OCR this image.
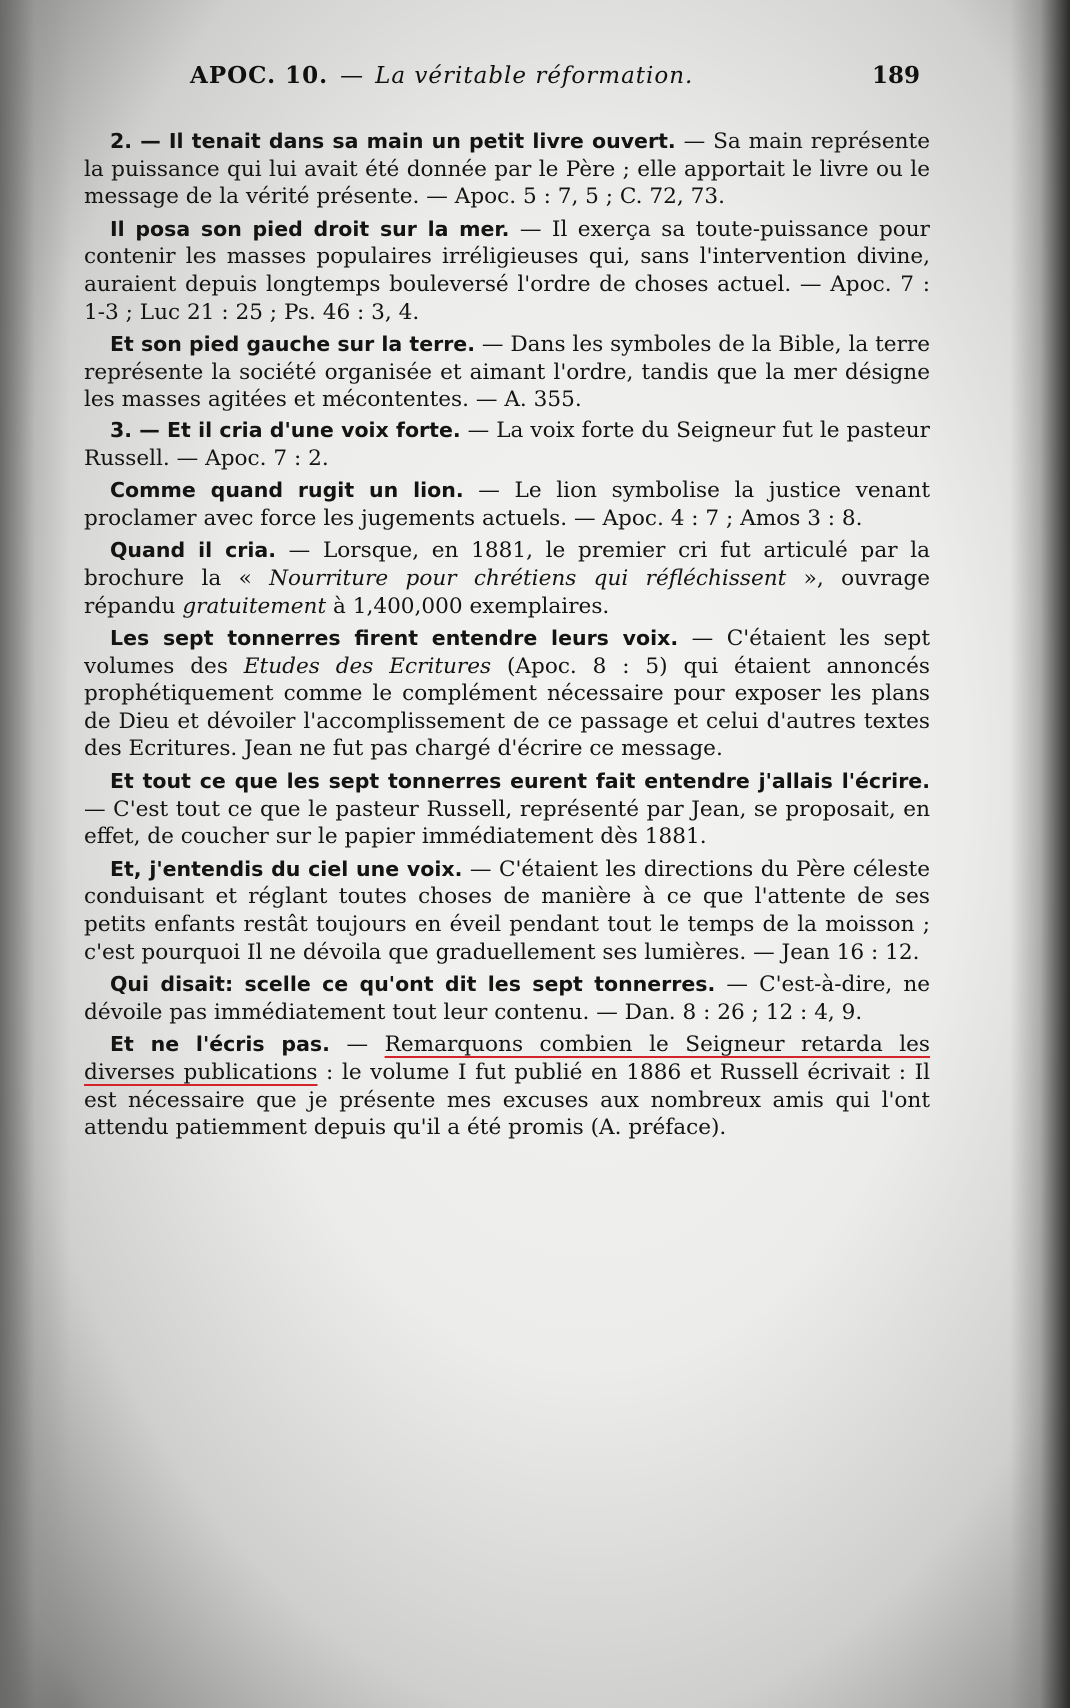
APOC. 10. — La véritable réformation.	189

2. — Il tenait dans sa main un petit livre ouvert. — Sa main représente la puissance qui lui avait été donnée par le Père ; elle apportait le livre ou le message de la vérité présente. — Apoc. 5 : 7, 5 ; C. 72, 73.

Il posa son pied droit sur la mer. — Il exerça sa toute-puissance pour contenir les masses populaires irréligieuses qui, sans l'intervention divine, auraient depuis longtemps bouleversé l'ordre de choses actuel. — Apoc. 7 : 1-3 ; Luc 21 : 25 ; Ps. 46 : 3, 4.

Et son pied gauche sur la terre. — Dans les symboles de la Bible, la terre représente la société organisée et aimant l'ordre, tandis que la mer désigne les masses agitées et mécontentes. — A. 355.

3. — Et il cria d'une voix forte. — La voix forte du Seigneur fut le pasteur Russell. — Apoc. 7 : 2.

Comme quand rugit un lion. — Le lion symbolise la justice venant proclamer avec force les jugements actuels. — Apoc. 4 : 7 ; Amos 3 : 8.

Quand il cria. — Lorsque, en 1881, le premier cri fut articulé par la brochure la « Nourriture pour chrétiens qui réfléchissent », ouvrage répandu gratuitement à 1,400,000 exemplaires.

Les sept tonnerres firent entendre leurs voix. — C'étaient les sept volumes des Etudes des Ecritures (Apoc. 8 : 5) qui étaient annoncés prophétiquement comme le complément nécessaire pour exposer les plans de Dieu et dévoiler l'accomplissement de ce passage et celui d'autres textes des Ecritures. Jean ne fut pas chargé d'écrire ce message.

Et tout ce que les sept tonnerres eurent fait entendre j'allais l'écrire. — C'est tout ce que le pasteur Russell, représenté par Jean, se proposait, en effet, de coucher sur le papier immédiatement dès 1881.

Et, j'entendis du ciel une voix. — C'étaient les directions du Père céleste conduisant et réglant toutes choses de manière à ce que l'attente de ses petits enfants restât toujours en éveil pendant tout le temps de la moisson ; c'est pourquoi Il ne dévoila que graduellement ses lumières. — Jean 16 : 12.

Qui disait: scelle ce qu'ont dit les sept tonnerres. — C'est-à-dire, ne dévoile pas immédiatement tout leur contenu. — Dan. 8 : 26 ; 12 : 4, 9.

Et ne l'écris pas. — Remarquons combien le Seigneur retarda les diverses publications : le volume I fut publié en 1886 et Russell écrivait : Il est nécessaire que je présente mes excuses aux nombreux amis qui l'ont attendu patiemment depuis qu'il a été promis (A. préface).
